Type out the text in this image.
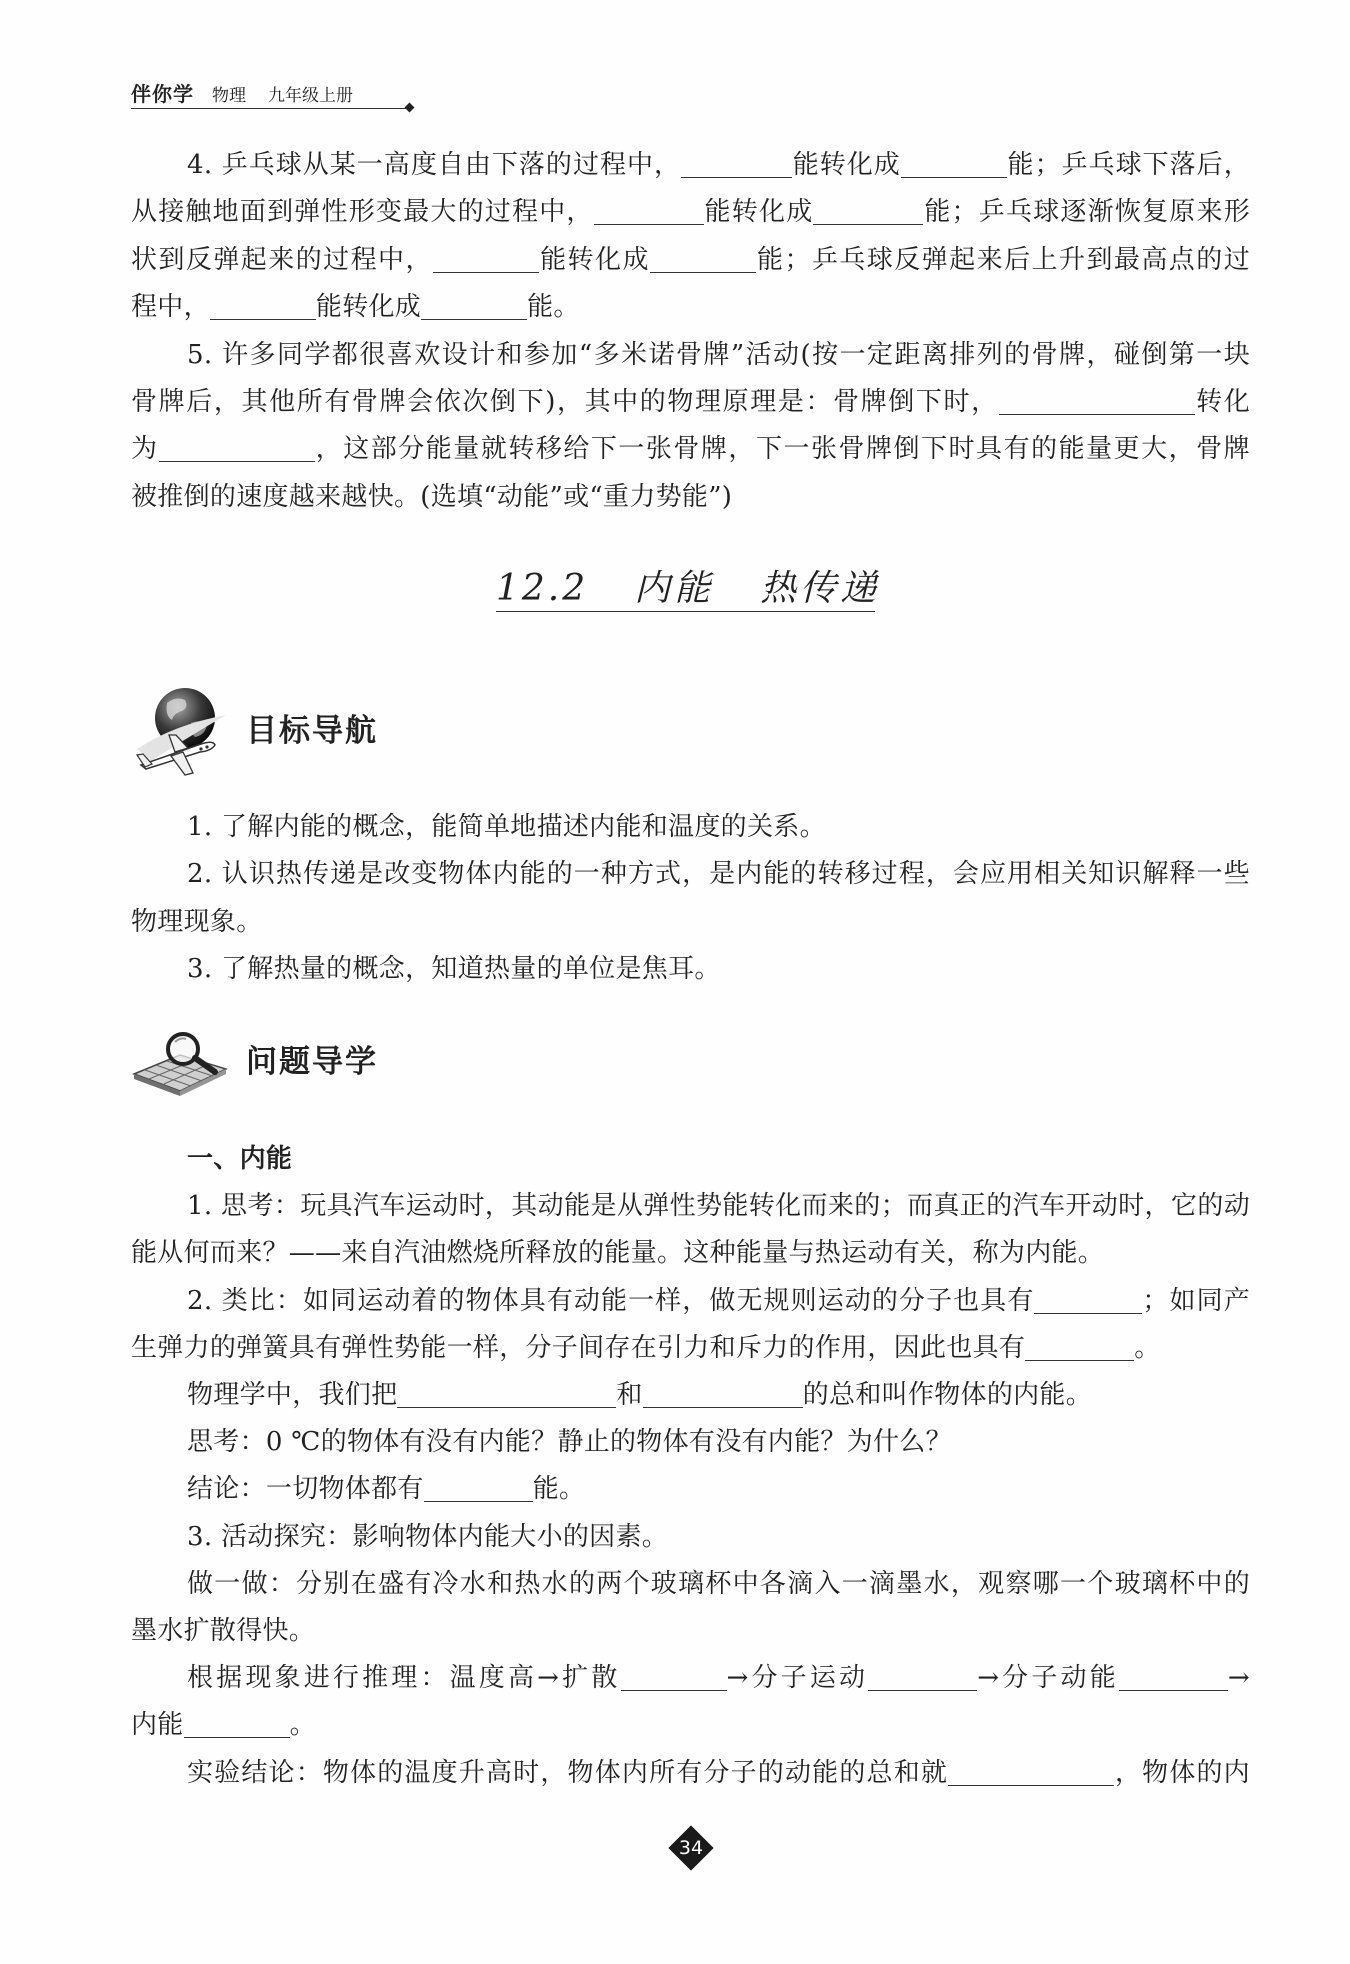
伴你学 物理 九年级上册
4. 乒乓球从某一高度自由下落的过程中，	能转化成	能；乒乓球下落后，
从接触地面到弹性形变最大的过程中，	能转化成	能；乒乓球逐渐恢复原来形
状到反弹起来的过程中，	能转化成	能；乒乓球反弹起来后上升到最高点的过
程中，	能转化成	能。
5. 许多同学都很喜欢设计和参加“多米诺骨牌”活动(按一定距离排列的骨牌，碰倒第一块
骨牌后，其他所有骨牌会依次倒下)，其中的物理原理是：骨牌倒下时，	转化
为	，这部分能量就转移给下一张骨牌，下一张骨牌倒下时具有的能量更大，骨牌
被推倒的速度越来越快。(选填“动能”或“重力势能”)
12.2 内能 热传递
目标导航
1. 了解内能的概念，能简单地描述内能和温度的关系。
2. 认识热传递是改变物体内能的一种方式，是内能的转移过程，会应用相关知识解释一些
物理现象。
3. 了解热量的概念，知道热量的单位是焦耳。
问题导学
一、内能
1. 思考：玩具汽车运动时，其动能是从弹性势能转化而来的；而真正的汽车开动时，它的动
能从何而来？——来自汽油燃烧所释放的能量。这种能量与热运动有关，称为内能。
2. 类比：如同运动着的物体具有动能一样，做无规则运动的分子也具有	；如同产
生弹力的弹簧具有弹性势能一样，分子间存在引力和斥力的作用，因此也具有	。
物理学中，我们把	和	的总和叫作物体的内能。
思考：0 ℃的物体有没有内能？静止的物体有没有内能？为什么？
结论：一切物体都有	能。
3. 活动探究：影响物体内能大小的因素。
做一做：分别在盛有冷水和热水的两个玻璃杯中各滴入一滴墨水，观察哪一个玻璃杯中的
墨水扩散得快。
根据现象进行推理：温度高→扩散	→分子运动	→分子动能	→
内能	。
实验结论：物体的温度升高时，物体内所有分子的动能的总和就	，物体的内
34
